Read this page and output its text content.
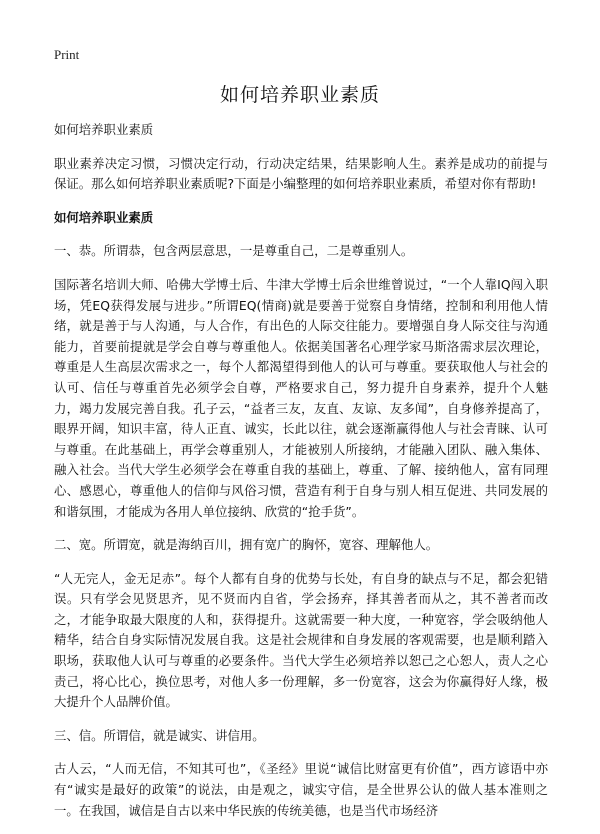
Print
如何培养职业素质

如何培养职业素质

职业素养决定习惯，习惯决定行动，行动决定结果，结果影响人生。素养是成功的前提与保证。那么如何培养职业素质呢?下面是小编整理的如何培养职业素质，希望对你有帮助!

如何培养职业素质

一、恭。所谓恭，包含两层意思，一是尊重自己，二是尊重别人。

国际著名培训大师、哈佛大学博士后、牛津大学博士后余世维曾说过，“一个人靠IQ闯入职场，凭EQ获得发展与进步。”所谓EQ(情商)就是要善于觉察自身情绪，控制和利用他人情绪，就是善于与人沟通，与人合作，有出色的人际交往能力。要增强自身人际交往与沟通能力，首要前提就是学会自尊与尊重他人。依据美国著名心理学家马斯洛需求层次理论，尊重是人生高层次需求之一，每个人都渴望得到他人的认可与尊重。要获取他人与社会的认可、信任与尊重首先必须学会自尊，严格要求自己，努力提升自身素养，提升个人魅力，竭力发展完善自我。孔子云，“益者三友，友直、友谅、友多闻”，自身修养提高了，眼界开阔，知识丰富，待人正直、诚实，长此以往，就会逐渐赢得他人与社会青睐、认可与尊重。在此基础上，再学会尊重别人，才能被别人所接纳，才能融入团队、融入集体、融入社会。当代大学生必须学会在尊重自我的基础上，尊重、了解、接纳他人，富有同理心、感恩心，尊重他人的信仰与风俗习惯，营造有利于自身与别人相互促进、共同发展的和谐氛围，才能成为各用人单位接纳、欣赏的“抢手货”。

二、宽。所谓宽，就是海纳百川，拥有宽广的胸怀，宽容、理解他人。

“人无完人，金无足赤”。每个人都有自身的优势与长处，有自身的缺点与不足，都会犯错误。只有学会见贤思齐，见不贤而内自省，学会扬弃，择其善者而从之，其不善者而改之，才能争取最大限度的人和，获得提升。这就需要一种大度，一种宽容，学会吸纳他人精华，结合自身实际情况发展自我。这是社会规律和自身发展的客观需要，也是顺利踏入职场，获取他人认可与尊重的必要条件。当代大学生必须培养以恕己之心恕人，责人之心责己，将心比心，换位思考，对他人多一份理解，多一份宽容，这会为你赢得好人缘，极大提升个人品牌价值。

三、信。所谓信，就是诚实、讲信用。

古人云，“人而无信，不知其可也”，《圣经》里说“诚信比财富更有价值”，西方谚语中亦有“诚实是最好的政策”的说法，由是观之，诚实守信，是全世界公认的做人基本准则之一。在我国，诚信是自古以来中华民族的传统美德，也是当代市场经济
